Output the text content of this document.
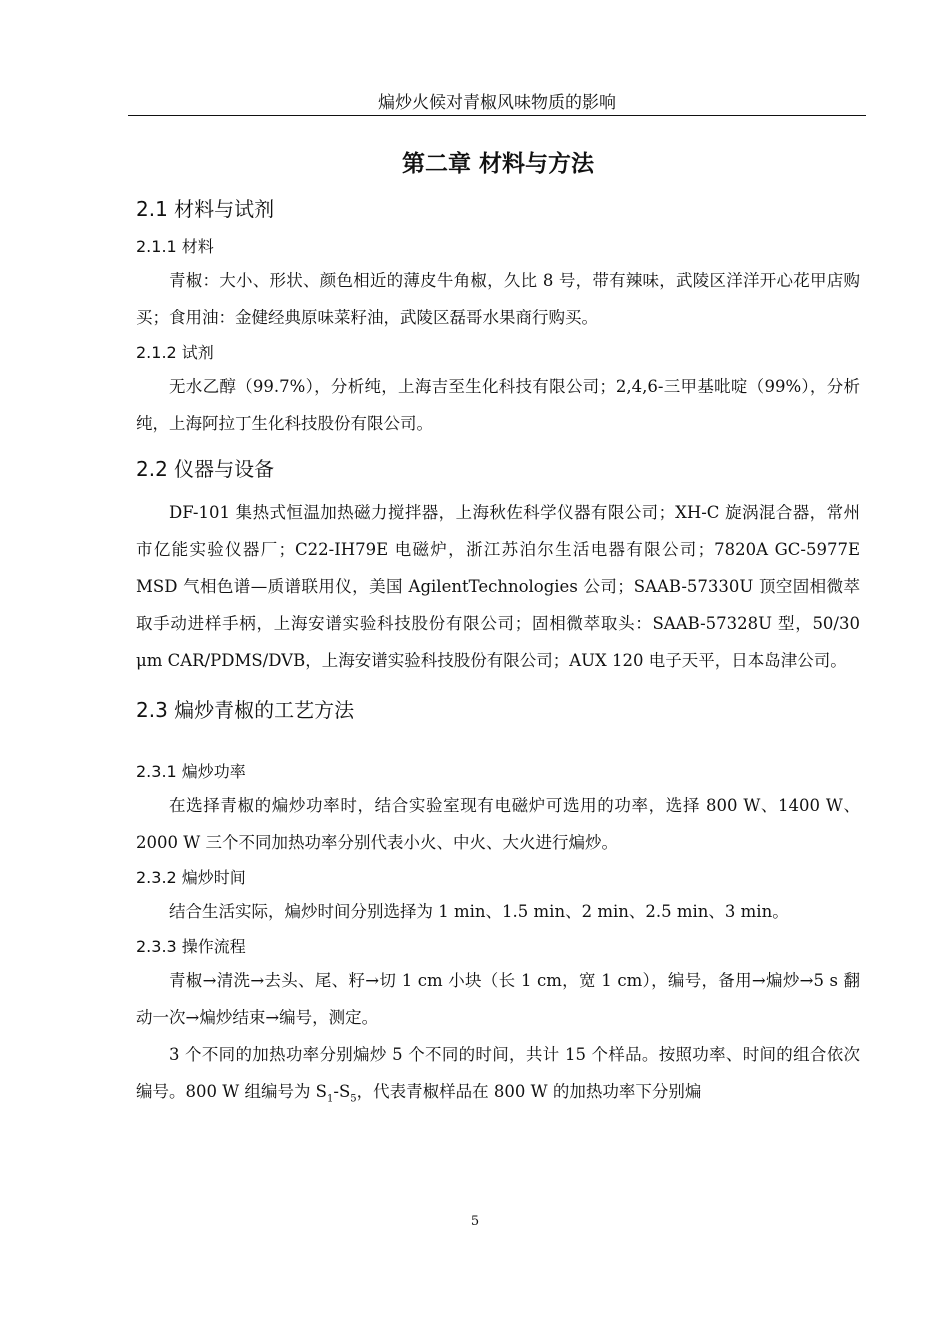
煸炒火候对青椒风味物质的影响
第二章 材料与方法
2.1 材料与试剂
2.1.1 材料

青椒：大小、形状、颜色相近的薄皮牛角椒，久比 8 号，带有辣味，武陵区洋洋开心花甲店购买；食用油：金健经典原味菜籽油，武陵区磊哥水果商行购买。

2.1.2 试剂

无水乙醇（99.7%），分析纯，上海吉至生化科技有限公司；2,4,6-三甲基吡啶（99%），分析纯，上海阿拉丁生化科技股份有限公司。

2.2 仪器与设备

DF-101 集热式恒温加热磁力搅拌器，上海秋佐科学仪器有限公司；XH-C 旋涡混合器，常州市亿能实验仪器厂；C22-IH79E 电磁炉，浙江苏泊尔生活电器有限公司；7820A GC-5977E MSD 气相色谱—质谱联用仪，美国 AgilentTechnologies 公司；SAAB-57330U 顶空固相微萃取手动进样手柄，上海安谱实验科技股份有限公司；固相微萃取头：SAAB-57328U 型，50/30 μm CAR/PDMS/DVB，上海安谱实验科技股份有限公司；AUX 120 电子天平，日本岛津公司。

2.3 煸炒青椒的工艺方法
2.3.1 煸炒功率

在选择青椒的煸炒功率时，结合实验室现有电磁炉可选用的功率，选择 800 W、1400 W、2000 W 三个不同加热功率分别代表小火、中火、大火进行煸炒。

2.3.2 煸炒时间

结合生活实际，煸炒时间分别选择为 1 min、1.5 min、2 min、2.5 min、3 min。

2.3.3 操作流程

青椒→清洗→去头、尾、籽→切 1 cm 小块（长 1 cm，宽 1 cm），编号，备用→煸炒→5 s 翻动一次→煸炒结束→编号，测定。

3 个不同的加热功率分别煸炒 5 个不同的时间，共计 15 个样品。按照功率、时间的组合依次编号。800 W 组编号为 $S_1-S_5$，代表青椒样品在 800 W 的加热功率下分别煸

5
